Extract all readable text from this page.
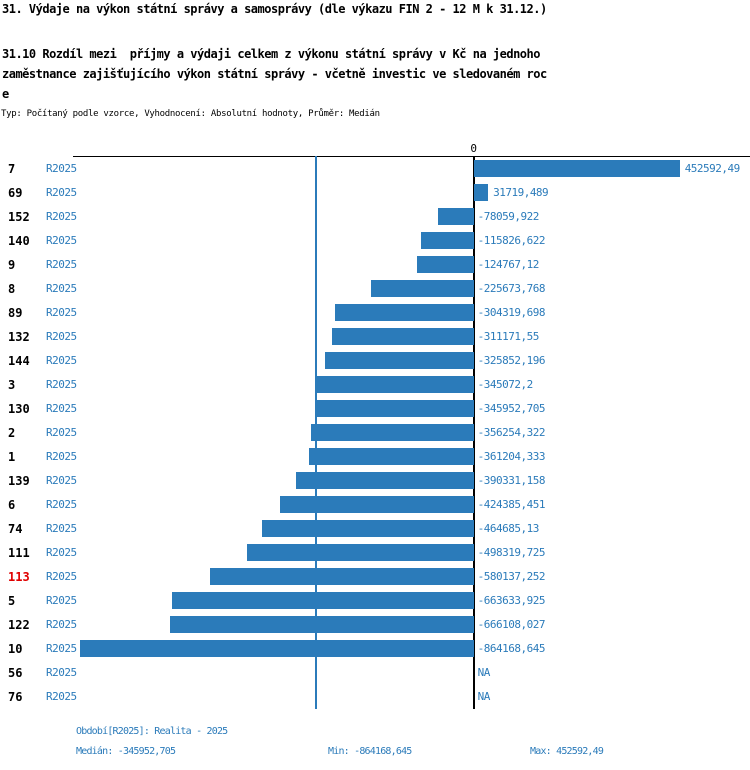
31. Výdaje na výkon státní správy a samosprávy (dle výkazu FIN 2 - 12 M k 31.12.)
31.10 Rozdíl mezi  příjmy a výdaji celkem z výkonu státní správy v Kč na jednoho
zaměstnance zajišťujícího výkon státní správy - včetně investic ve sledovaném roc
e
Typ: Počítaný podle vzorce, Vyhodnocení: Absolutní hodnoty, Průměr: Medián
0
7	R2025	452592,49
69 R2025	31719,489
152 R2025	-78059,922
140 R2025	-115826,622
9	R2025	-124767,12
8	R2025	-225673,768
89 R2025	-304319,698
132 R2025	-311171,55
144 R2025	-325852,196
3	R2025	-345072,2
130 R2025	-345952,705
2	R2025	-356254,322
1	R2025	-361204,333
139 R2025	-390331,158
6	R2025	-424385,451
74 R2025	-464685,13
111 R2025	-498319,725
113 R2025	-580137,252
5	R2025	-663633,925
122 R2025	-666108,027
10 R2025	-864168,645
56 R2025	NA
76 R2025	NA
Období[R2025]: Realita - 2025
Medián: -345952,705	Min: -864168,645	Max: 452592,49
